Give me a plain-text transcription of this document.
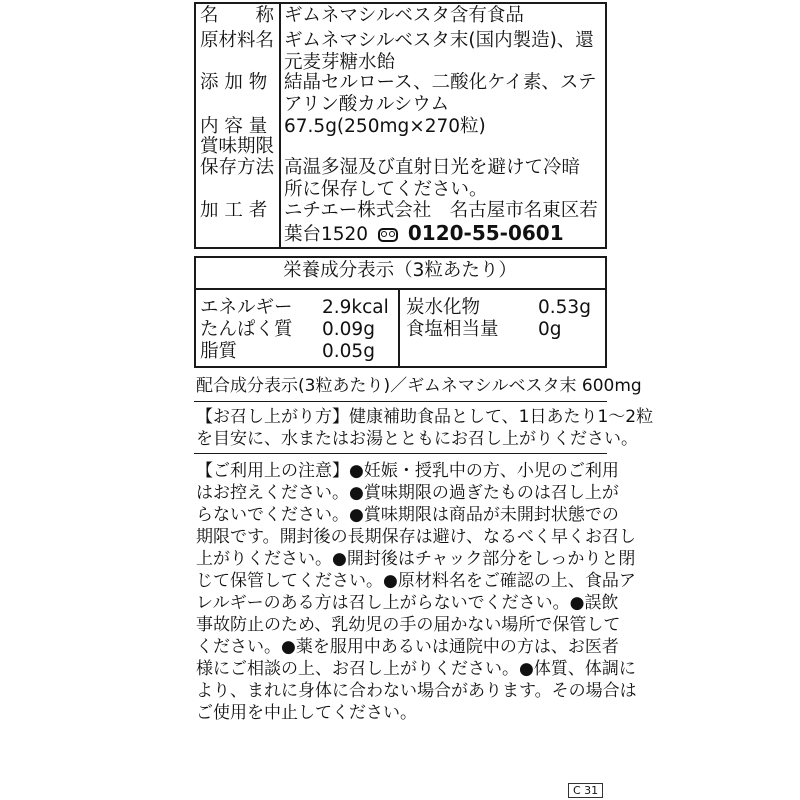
名　　称
原材料名
添 加 物
内 容 量
賞味期限
保存方法
加 工 者
ギムネマシルベスタ含有食品
ギムネマシルベスタ末(国内製造)、還
元麦芽糖水飴
結晶セルロース、二酸化ケイ素、ステ
アリン酸カルシウム
67.5g(250mg×270粒)
高温多湿及び直射日光を避けて冷暗
所に保存してください。
ニチエー株式会社　名古屋市名東区若
葉台1520 0120-55-0601
栄養成分表示（3粒あたり）
エネルギー 2.9kcal
たんぱく質 0.09g
脂質	0.05g
炭水化物	0.53g
食塩相当量 0g
配合成分表示(3粒あたり)／ギムネマシルベスタ末 600mg
【お召し上がり方】健康補助食品として、1日あたり1～2粒
を目安に、水またはお湯とともにお召し上がりください。
【ご利用上の注意】●妊娠・授乳中の方、小児のご利用
はお控えください。●賞味期限の過ぎたものは召し上が
らないでください。●賞味期限は商品が未開封状態での
期限です。開封後の長期保存は避け、なるべく早くお召し
上がりください。●開封後はチャック部分をしっかりと閉
じて保管してください。●原材料名をご確認の上、食品ア
レルギーのある方は召し上がらないでください。●誤飲
事故防止のため、乳幼児の手の届かない場所で保管して
ください。●薬を服用中あるいは通院中の方は、お医者
様にご相談の上、お召し上がりください。●体質、体調に
より、まれに身体に合わない場合があります。その場合は
ご使用を中止してください。
C 31
